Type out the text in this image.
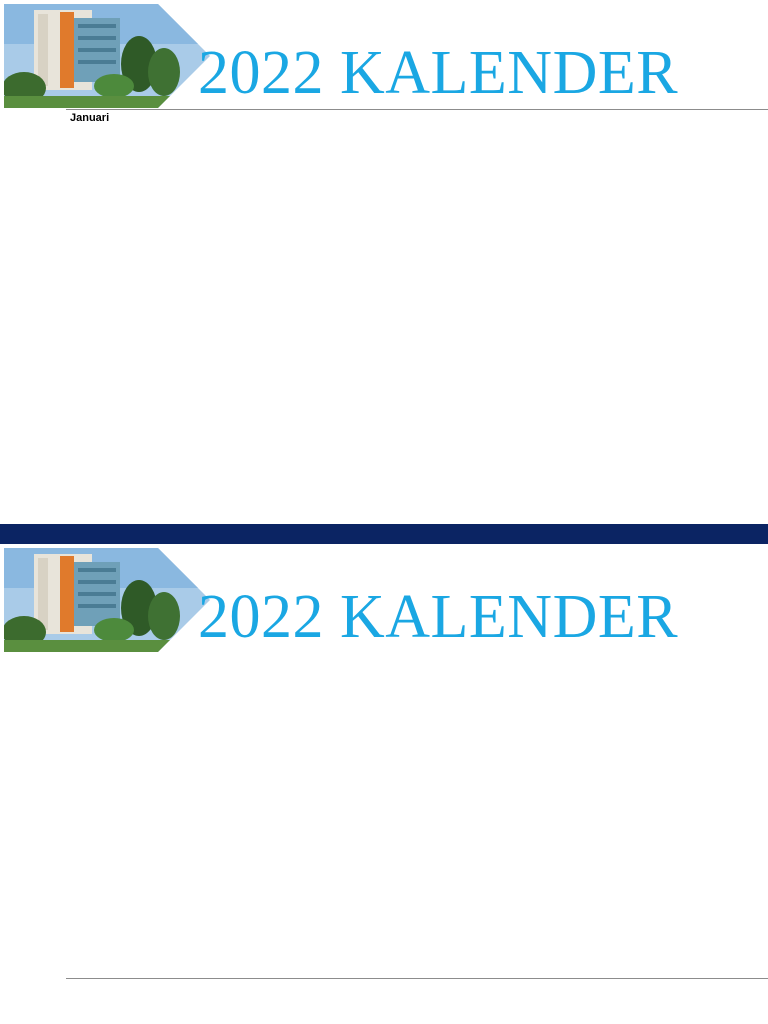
2022 KALENDER
Januari
2022 KALENDER
